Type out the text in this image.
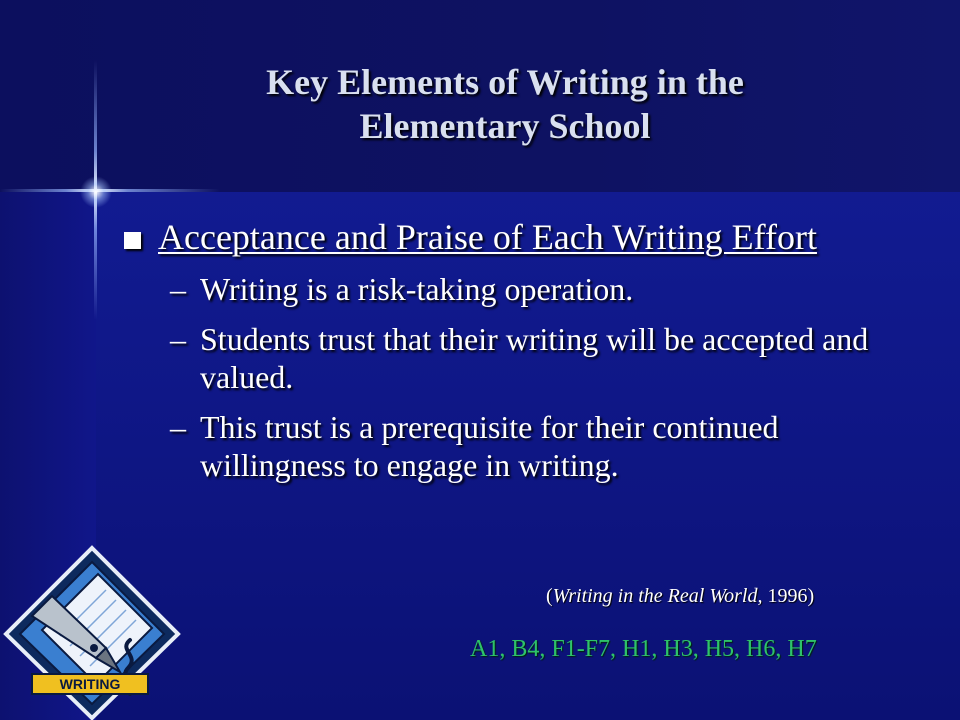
Key Elements of Writing in the
Elementary School
Acceptance and Praise of Each Writing Effort
– Writing is a risk-taking operation.
– Students trust that their writing will be accepted and valued.
– This trust is a prerequisite for their continued willingness to engage in writing.
(Writing in the Real World, 1996)
A1, B4, F1-F7, H1, H3, H5, H6, H7
WRITING
